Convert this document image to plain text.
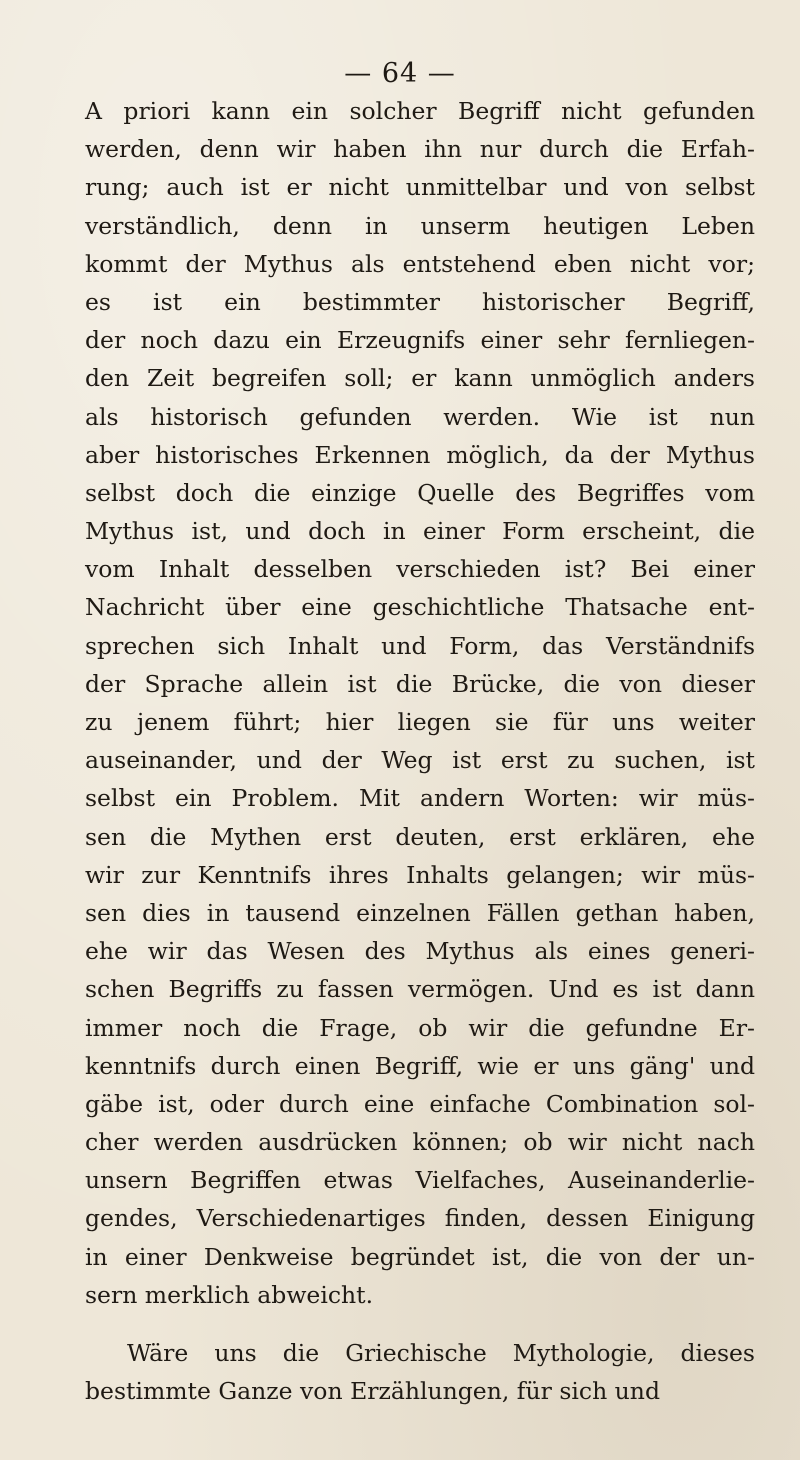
— 64 —
A priori kann ein solcher Begriff nicht gefunden
werden, denn wir haben ihn nur durch die Erfah-
rung; auch ist er nicht unmittelbar und von selbst
verständlich, denn in unserm heutigen Leben
kommt der Mythus als entstehend eben nicht vor;
es ist ein bestimmter historischer Begriff,
der noch dazu ein Erzeugnifs einer sehr fernliegen-
den Zeit begreifen soll; er kann unmöglich anders
als historisch gefunden werden. Wie ist nun
aber historisches Erkennen möglich, da der Mythus
selbst doch die einzige Quelle des Begriffes vom
Mythus ist, und doch in einer Form erscheint, die
vom Inhalt desselben verschieden ist? Bei einer
Nachricht über eine geschichtliche Thatsache ent-
sprechen sich Inhalt und Form, das Verständnifs
der Sprache allein ist die Brücke, die von dieser
zu jenem führt; hier liegen sie für uns weiter
auseinander, und der Weg ist erst zu suchen, ist
selbst ein Problem. Mit andern Worten: wir müs-
sen die Mythen erst deuten, erst erklären, ehe
wir zur Kenntnifs ihres Inhalts gelangen; wir müs-
sen dies in tausend einzelnen Fällen gethan haben,
ehe wir das Wesen des Mythus als eines generi-
schen Begriffs zu fassen vermögen. Und es ist dann
immer noch die Frage, ob wir die gefundne Er-
kenntnifs durch einen Begriff, wie er uns gäng' und
gäbe ist, oder durch eine einfache Combination sol-
cher werden ausdrücken können; ob wir nicht nach
unsern Begriffen etwas Vielfaches, Auseinanderlie-
gendes, Verschiedenartiges finden, dessen Einigung
in einer Denkweise begründet ist, die von der un-
sern merklich abweicht.
Wäre uns die Griechische Mythologie, dieses
bestimmte Ganze von Erzählungen, für sich und
